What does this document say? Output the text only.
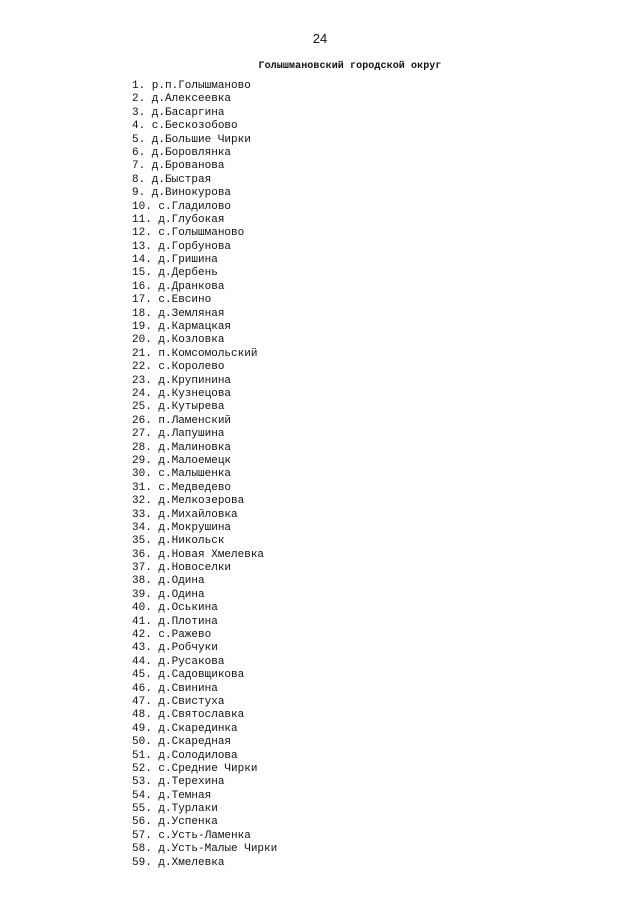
24
Голышмановский городской округ
1. р.п.Голышманово
2. д.Алексеевка
3. д.Басаргина
4. с.Бескозобово
5. д.Большие Чирки
6. д.Боровлянка
7. д.Брованова
8. д.Быстрая
9. д.Винокурова
10. с.Гладилово
11. д.Глубокая
12. с.Голышманово
13. д.Горбунова
14. д.Гришина
15. д.Дербень
16. д.Дранкова
17. с.Евсино
18. д.Земляная
19. д.Кармацкая
20. д.Козловка
21. п.Комсомольский
22. с.Королево
23. д.Крупинина
24. д.Кузнецова
25. д.Кутырева
26. п.Ламенский
27. д.Лапушина
28. д.Малиновка
29. д.Малоемецк
30. с.Малышенка
31. с.Медведево
32. д.Мелкозерова
33. д.Михайловка
34. д.Мокрушина
35. д.Никольск
36. д.Новая Хмелевка
37. д.Новоселки
38. д.Одина
39. д.Одина
40. д.Оськина
41. д.Плотина
42. с.Ражево
43. д.Робчуки
44. д.Русакова
45. д.Садовщикова
46. д.Свинина
47. д.Свистуха
48. д.Святославка
49. д.Скарединка
50. д.Скаредная
51. д.Солодилова
52. с.Средние Чирки
53. д.Терехина
54. д.Темная
55. д.Турлаки
56. д.Успенка
57. с.Усть-Ламенка
58. д.Усть-Малые Чирки
59. д.Хмелевка
